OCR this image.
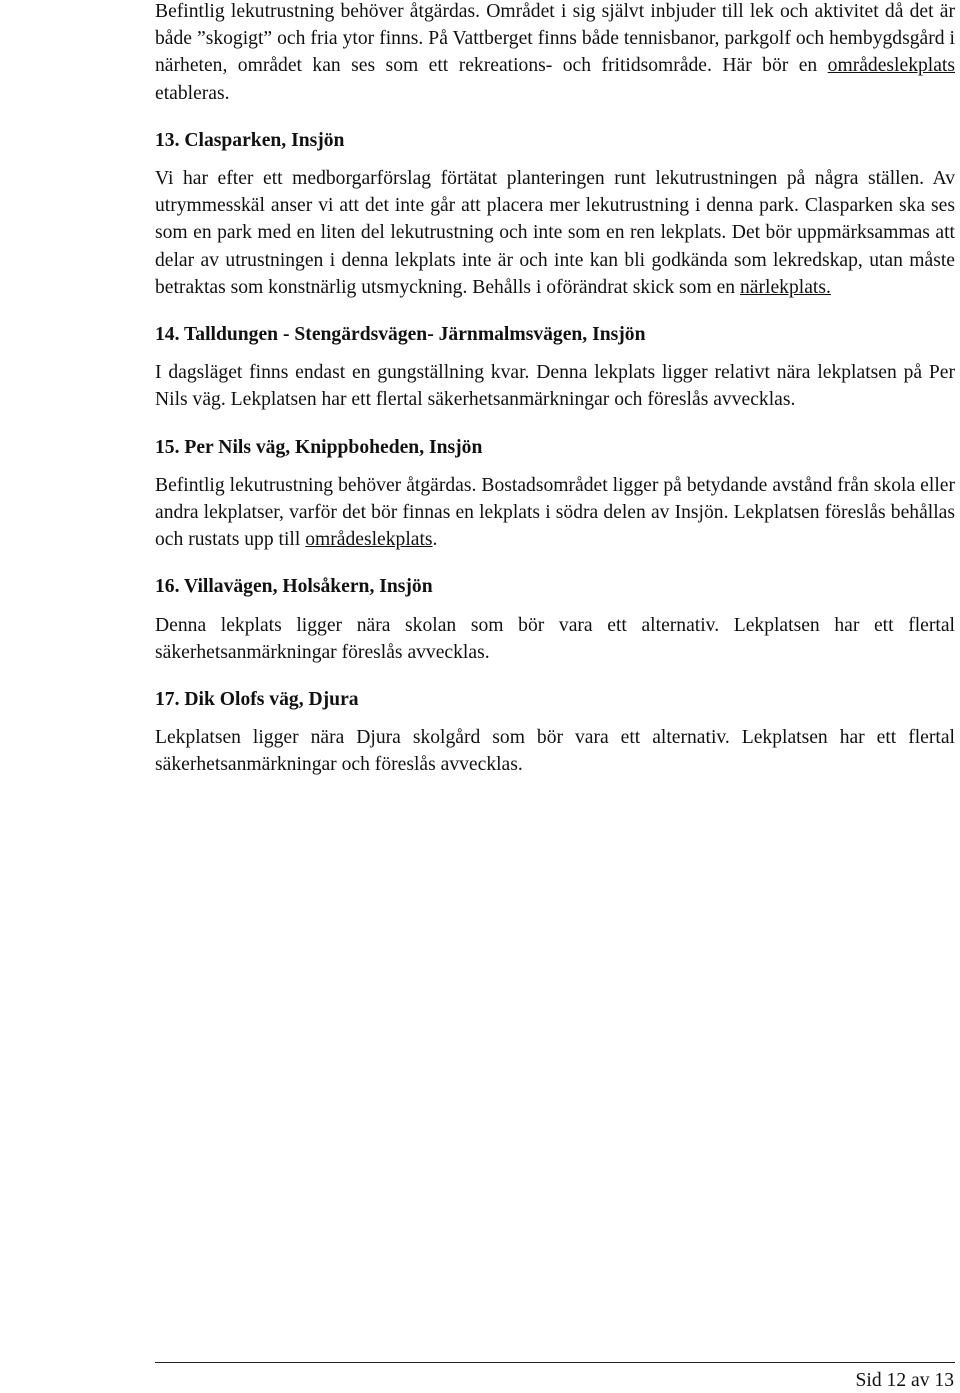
Befintlig lekutrustning behöver åtgärdas. Området i sig självt inbjuder till lek och aktivitet då det är både ”skogigt” och fria ytor finns. På Vattberget finns både tennisbanor, parkgolf och hembygdsgård i närheten, området kan ses som ett rekreations- och fritidsområde. Här bör en områdeslekplats etableras.

13. Clasparken, Insjön

Vi har efter ett medborgarförslag förtätat planteringen runt lekutrustningen på några ställen. Av utrymmesskäl anser vi att det inte går att placera mer lekutrustning i denna park. Clasparken ska ses som en park med en liten del lekutrustning och inte som en ren lekplats. Det bör uppmärksammas att delar av utrustningen i denna lekplats inte är och inte kan bli godkända som lekredskap, utan måste betraktas som konstnärlig utsmyckning. Behålls i oförändrat skick som en närlekplats.

14. Talldungen - Stengärdsvägen- Järnmalmsvägen, Insjön

I dagsläget finns endast en gungställning kvar. Denna lekplats ligger relativt nära lekplatsen på Per Nils väg. Lekplatsen har ett flertal säkerhetsanmärkningar och föreslås avvecklas.

15. Per Nils väg, Knippboheden, Insjön

Befintlig lekutrustning behöver åtgärdas. Bostadsområdet ligger på betydande avstånd från skola eller andra lekplatser, varför det bör finnas en lekplats i södra delen av Insjön. Lekplatsen föreslås behållas och rustats upp till områdeslekplats.

16. Villavägen, Holsåkern, Insjön

Denna lekplats ligger nära skolan som bör vara ett alternativ. Lekplatsen har ett flertal säkerhetsanmärkningar föreslås avvecklas.

17. Dik Olofs väg, Djura

Lekplatsen ligger nära Djura skolgård som bör vara ett alternativ. Lekplatsen har ett flertal säkerhetsanmärkningar och föreslås avvecklas.

Sid 12 av 13
